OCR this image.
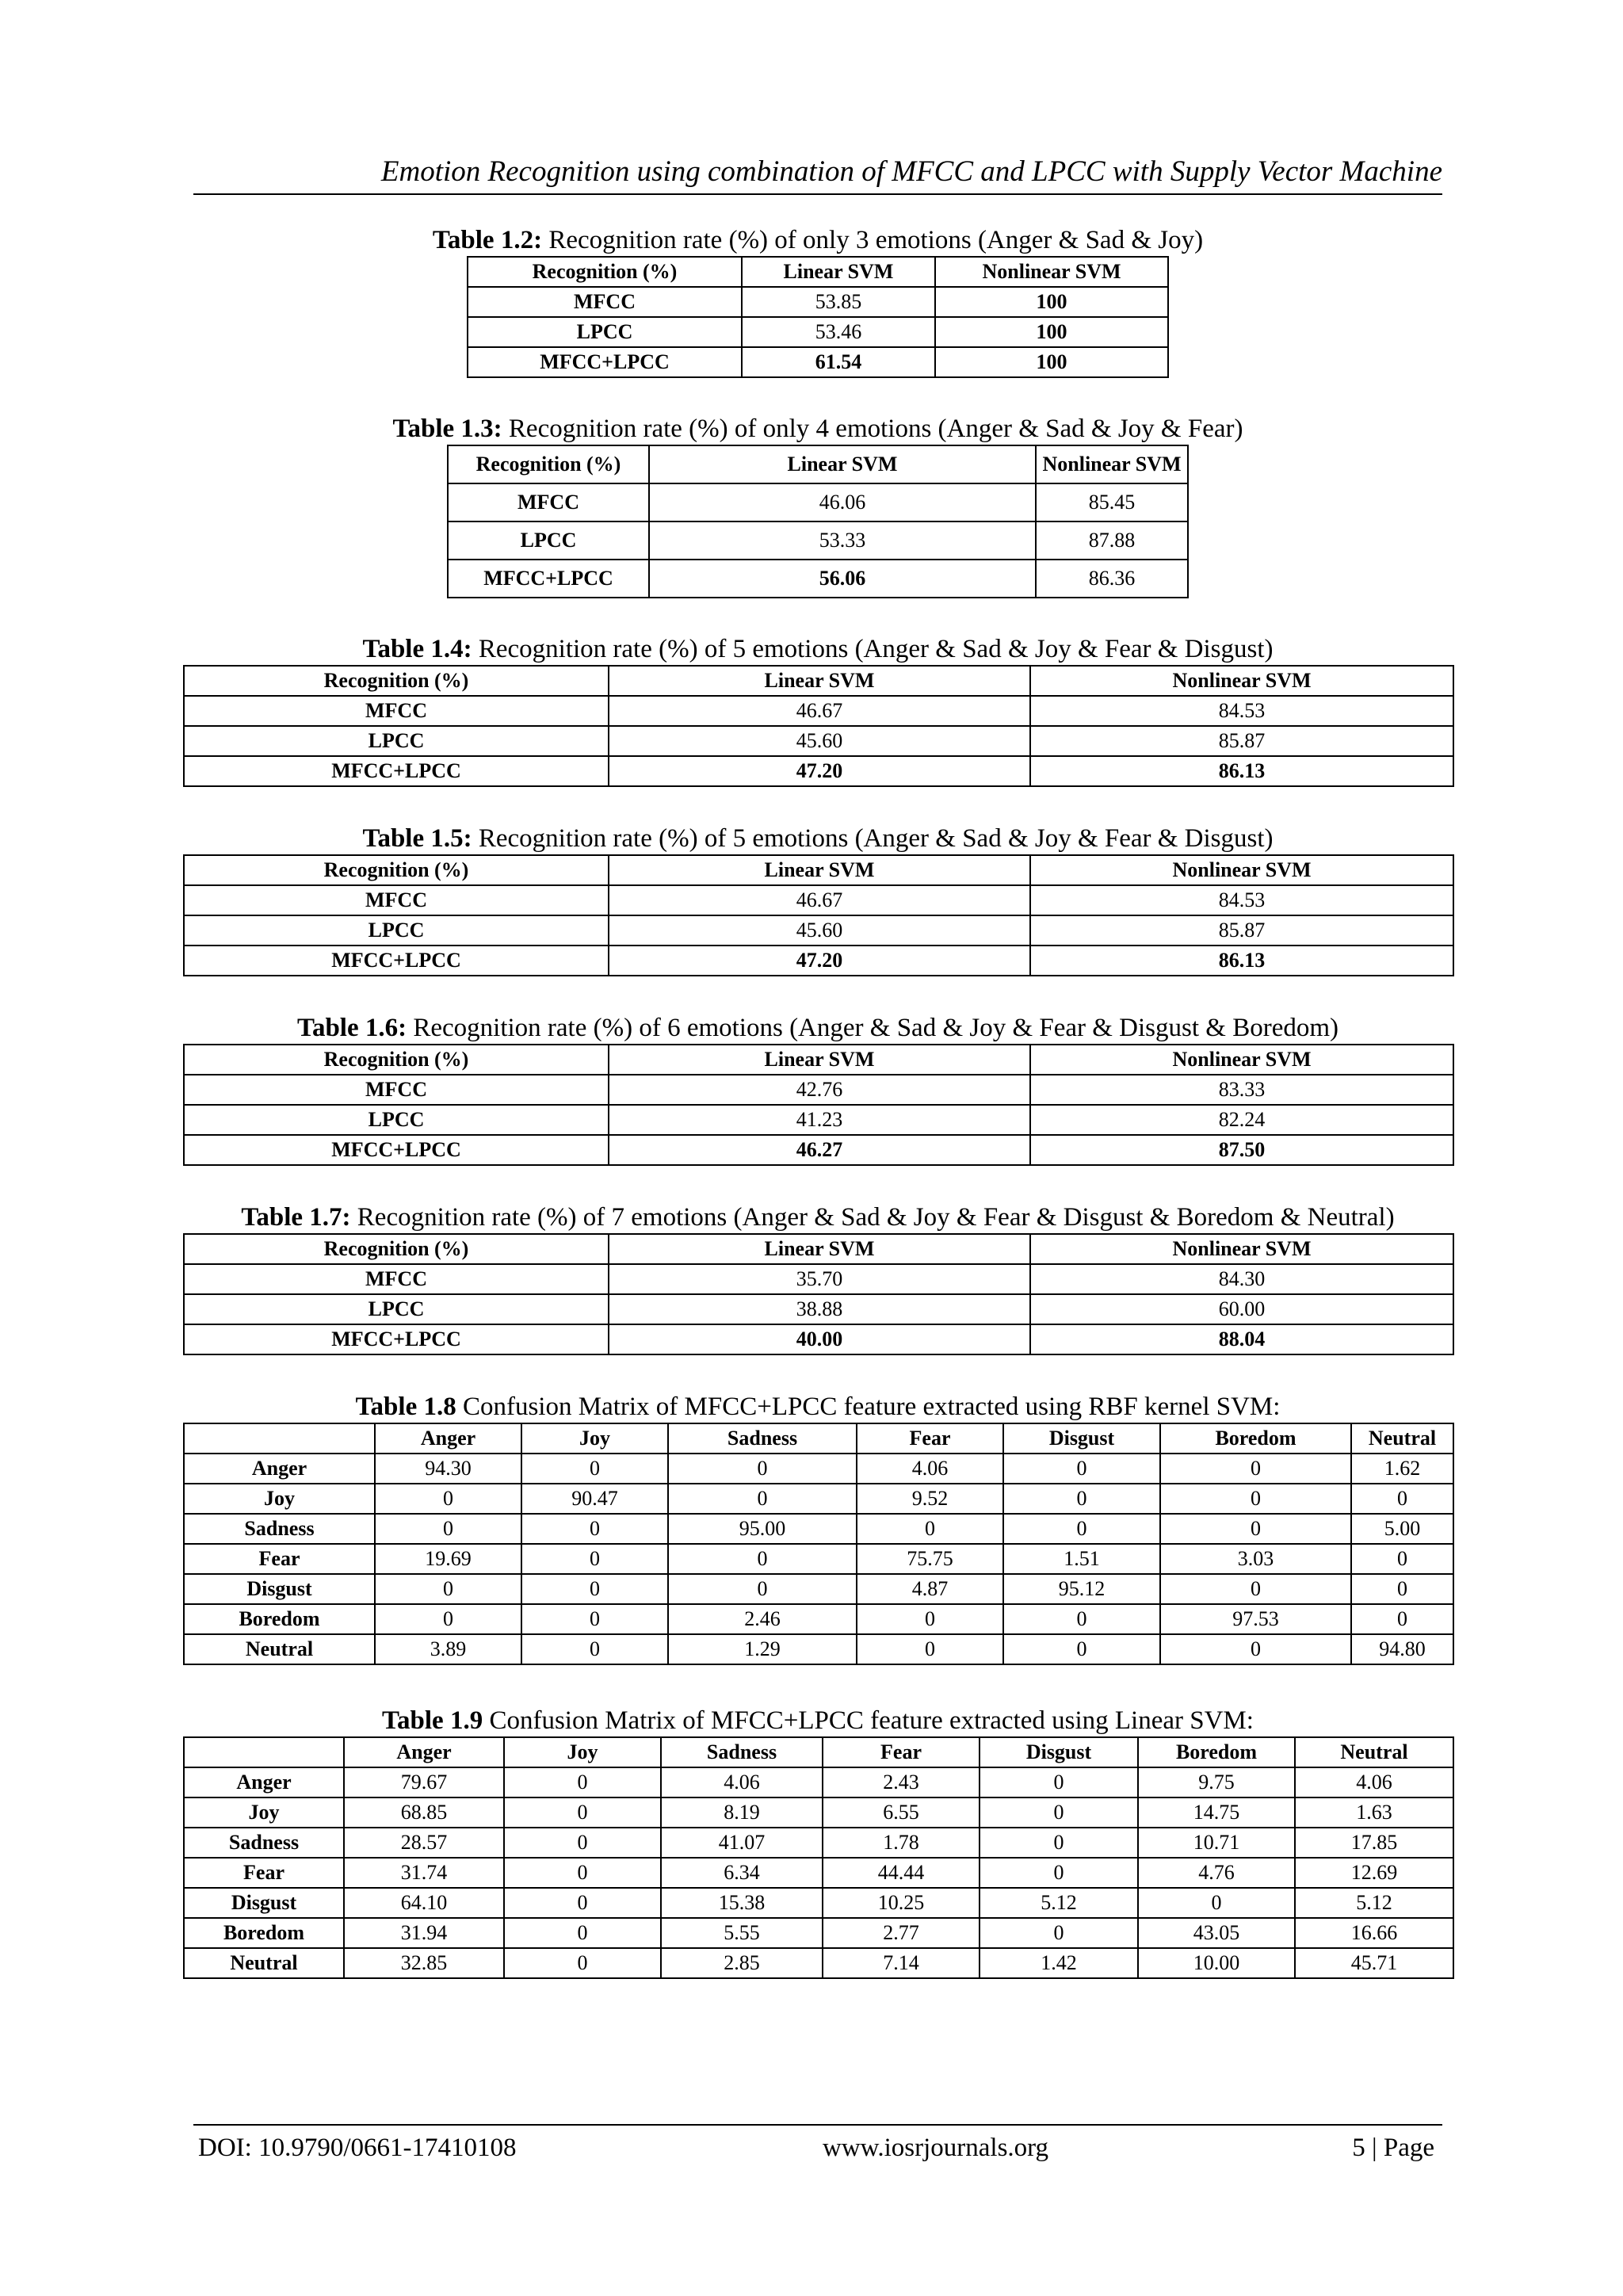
Emotion Recognition using combination of MFCC and LPCC with Supply Vector Machine
Table 1.2: Recognition rate (%) of only 3 emotions (Anger & Sad & Joy)
Recognition (%)	Linear SVM	Nonlinear SVM
MFCC	53.85	100
LPCC	53.46	100
MFCC+LPCC	61.54	100
Table 1.3: Recognition rate (%) of only 4 emotions (Anger & Sad & Joy & Fear)
Recognition (%)	Linear SVM	Nonlinear SVM
MFCC	46.06	85.45
LPCC	53.33	87.88
MFCC+LPCC	56.06	86.36
Table 1.4: Recognition rate (%) of 5 emotions (Anger & Sad & Joy & Fear & Disgust)
Recognition (%)	Linear SVM	Nonlinear SVM
MFCC	46.67	84.53
LPCC	45.60	85.87
MFCC+LPCC	47.20	86.13
Table 1.5: Recognition rate (%) of 5 emotions (Anger & Sad & Joy & Fear & Disgust)
Recognition (%)	Linear SVM	Nonlinear SVM
MFCC	46.67	84.53
LPCC	45.60	85.87
MFCC+LPCC	47.20	86.13
Table 1.6: Recognition rate (%) of 6 emotions (Anger & Sad & Joy & Fear & Disgust & Boredom)
Recognition (%)	Linear SVM	Nonlinear SVM
MFCC	42.76	83.33
LPCC	41.23	82.24
MFCC+LPCC	46.27	87.50
Table 1.7: Recognition rate (%) of 7 emotions (Anger & Sad & Joy & Fear & Disgust & Boredom & Neutral)
Recognition (%)	Linear SVM	Nonlinear SVM
MFCC	35.70	84.30
LPCC	38.88	60.00
MFCC+LPCC	40.00	88.04
Table 1.8 Confusion Matrix of MFCC+LPCC feature extracted using RBF kernel SVM:
	Anger	Joy	Sadness	Fear	Disgust	Boredom	Neutral
Anger	94.30	0	0	4.06	0	0	1.62
Joy	0	90.47	0	9.52	0	0	0
Sadness	0	0	95.00	0	0	0	5.00
Fear	19.69	0	0	75.75	1.51	3.03	0
Disgust	0	0	0	4.87	95.12	0	0
Boredom	0	0	2.46	0	0	97.53	0
Neutral	3.89	0	1.29	0	0	0	94.80
Table 1.9 Confusion Matrix of MFCC+LPCC feature extracted using Linear SVM:
	Anger	Joy	Sadness	Fear	Disgust	Boredom	Neutral
Anger	79.67	0	4.06	2.43	0	9.75	4.06
Joy	68.85	0	8.19	6.55	0	14.75	1.63
Sadness	28.57	0	41.07	1.78	0	10.71	17.85
Fear	31.74	0	6.34	44.44	0	4.76	12.69
Disgust	64.10	0	15.38	10.25	5.12	0	5.12
Boredom	31.94	0	5.55	2.77	0	43.05	16.66
Neutral	32.85	0	2.85	7.14	1.42	10.00	45.71
DOI: 10.9790/0661-17410108	www.iosrjournals.org	5 | Page
